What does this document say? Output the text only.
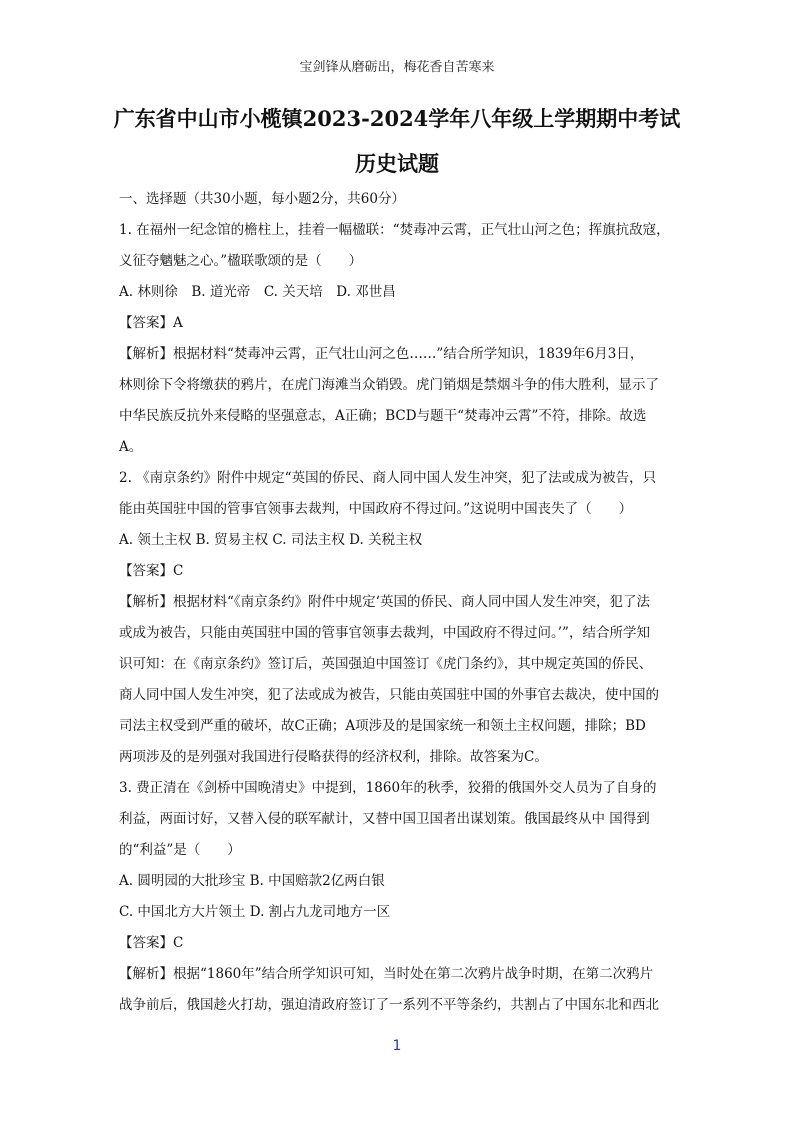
宝剑锋从磨砺出，梅花香自苦寒来
广东省中山市小榄镇2023-2024学年八年级上学期期中考试
历史试题

一、选择题（共30小题，每小题2分，共60分）

1. 在福州一纪念馆的檐柱上，挂着一幅楹联：“焚毒冲云霄，正气壮山河之色；挥旗抗敌寇，

义征夺魑魅之心。”楹联歌颂的是（　　）

A. 林则徐　B. 道光帝　C. 关天培　D. 邓世昌

【答案】A

【解析】根据材料“焚毒冲云霄，正气壮山河之色……”结合所学知识，1839年6月3日，

林则徐下令将缴获的鸦片，在虎门海滩当众销毁。虎门销烟是禁烟斗争的伟大胜利，显示了

中华民族反抗外来侵略的坚强意志，A正确；BCD与题干“焚毒冲云霄”不符，排除。故选

A。

2. 《南京条约》附件中规定“英国的侨民、商人同中国人发生冲突，犯了法或成为被告，只

能由英国驻中国的管事官领事去裁判，中国政府不得过问。”这说明中国丧失了（　　）

A. 领土主权 B. 贸易主权 C. 司法主权 D. 关税主权

【答案】C

【解析】根据材料“《南京条约》附件中规定‘英国的侨民、商人同中国人发生冲突，犯了法

或成为被告，只能由英国驻中国的管事官领事去裁判，中国政府不得过问。’”，结合所学知

识可知：在《南京条约》签订后，英国强迫中国签订《虎门条约》，其中规定英国的侨民、

商人同中国人发生冲突，犯了法或成为被告，只能由英国驻中国的外事官去裁决，使中国的

司法主权受到严重的破坏，故C正确；A项涉及的是国家统一和领土主权问题，排除；BD

两项涉及的是列强对我国进行侵略获得的经济权利，排除。故答案为C。

3. 费正清在《剑桥中国晚清史》中提到，1860年的秋季，狡猾的俄国外交人员为了自身的

利益，两面讨好，又替入侵的联军献计，又替中国卫国者出谋划策。俄国最终从中 国得到

的“利益”是（　　）

A. 圆明园的大批珍宝 B. 中国赔款2亿两白银

C. 中国北方大片领土 D. 割占九龙司地方一区

【答案】C

【解析】根据“1860年”结合所学知识可知，当时处在第二次鸦片战争时期，在第二次鸦片

战争前后，俄国趁火打劫，强迫清政府签订了一系列不平等条约，共割占了中国东北和西北

1
